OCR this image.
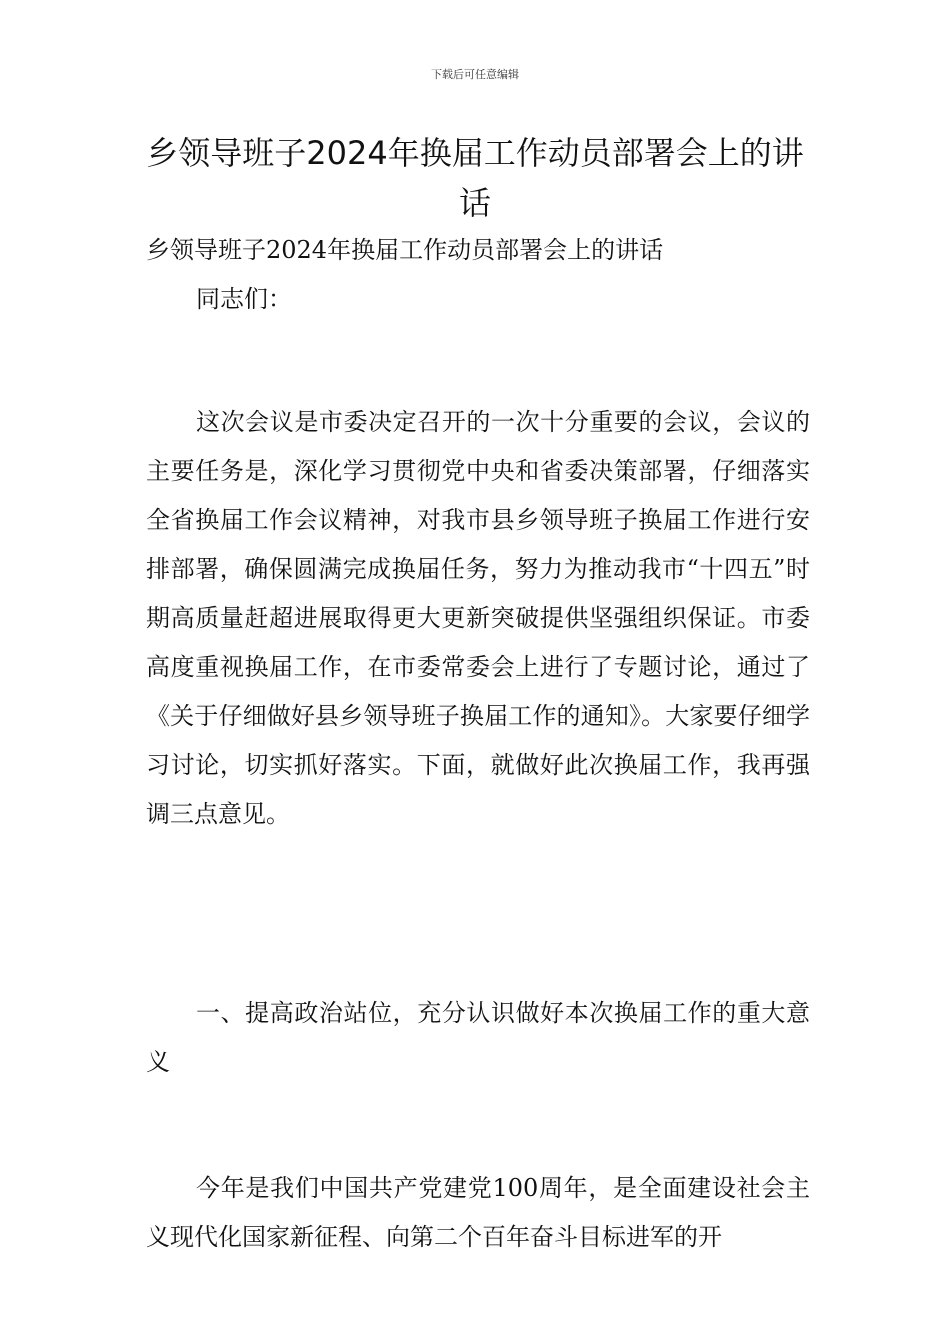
下载后可任意编辑
乡领导班子2024年换届工作动员部署会上的讲话

乡领导班子2024年换届工作动员部署会上的讲话

同志们：

这次会议是市委决定召开的一次十分重要的会议，会议的主要任务是，深化学习贯彻党中央和省委决策部署，仔细落实全省换届工作会议精神，对我市县乡领导班子换届工作进行安排部署，确保圆满完成换届任务，努力为推动我市“十四五”时期高质量赶超进展取得更大更新突破提供坚强组织保证。市委高度重视换届工作，在市委常委会上进行了专题讨论，通过了《关于仔细做好县乡领导班子换届工作的通知》。大家要仔细学习讨论，切实抓好落实。下面，就做好此次换届工作，我再强调三点意见。

一、提高政治站位，充分认识做好本次换届工作的重大意义

今年是我们中国共产党建党100周年，是全面建设社会主义现代化国家新征程、向第二个百年奋斗目标进军的开
